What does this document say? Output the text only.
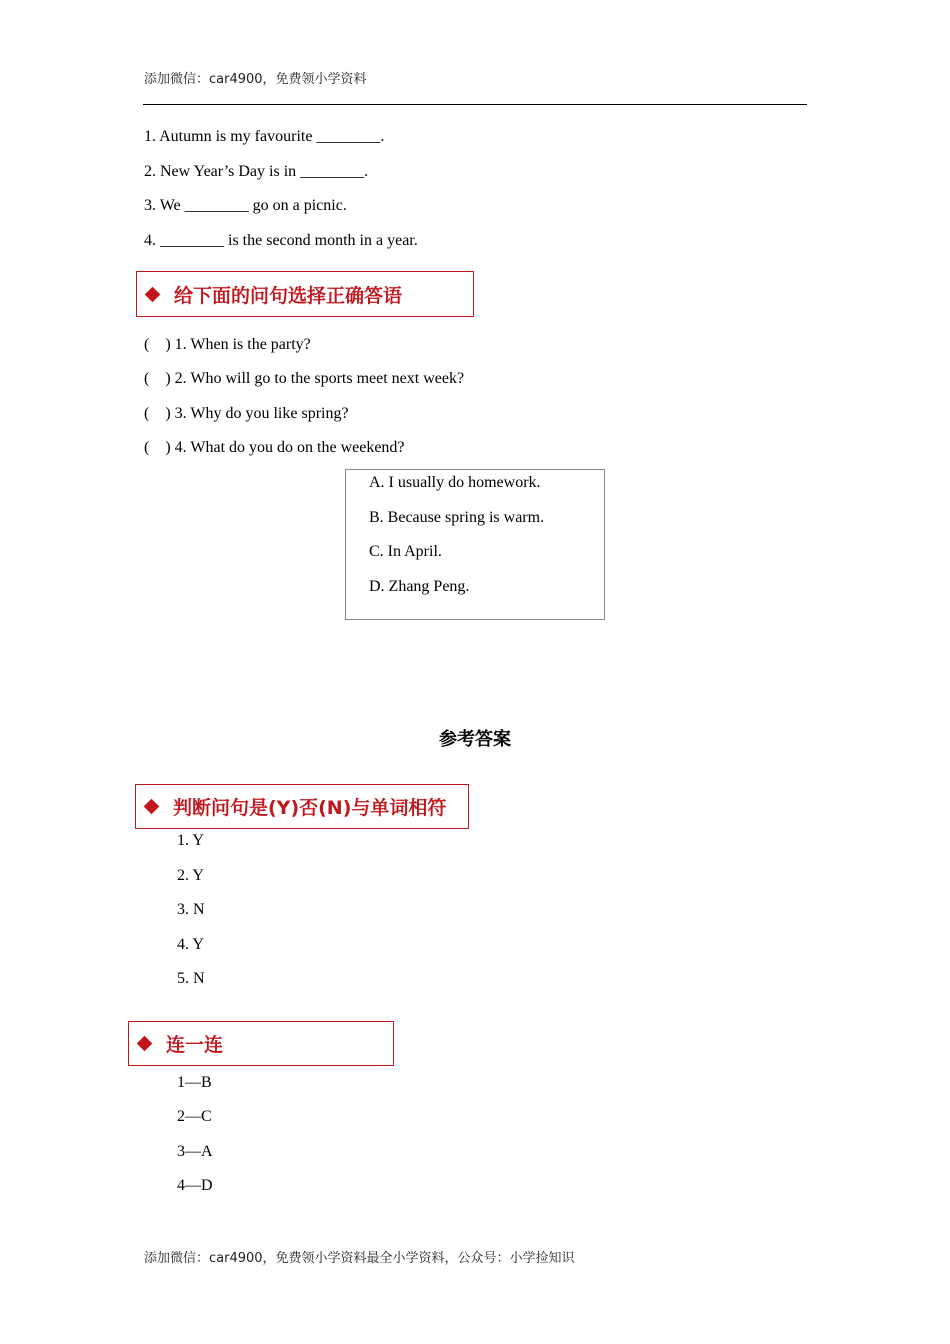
添加微信：car4900，免费领小学资料
1. Autumn is my favourite ________.
2. New Year’s Day is in ________.
3. We ________ go on a picnic.
4. ________ is the second month in a year.
给下面的问句选择正确答语
(    ) 1. When is the party?
(    ) 2. Who will go to the sports meet next week?
(    ) 3. Why do you like spring?
(    ) 4. What do you do on the weekend?
A. I usually do homework.
B. Because spring is warm.
C. In April.
D. Zhang Peng.
参考答案
判断问句是(Y)否(N)与单词相符
1. Y
2. Y
3. N
4. Y
5. N
连一连
1—B
2—C
3—A
4—D
添加微信：car4900，免费领小学资料最全小学资料，公众号：小学捡知识
